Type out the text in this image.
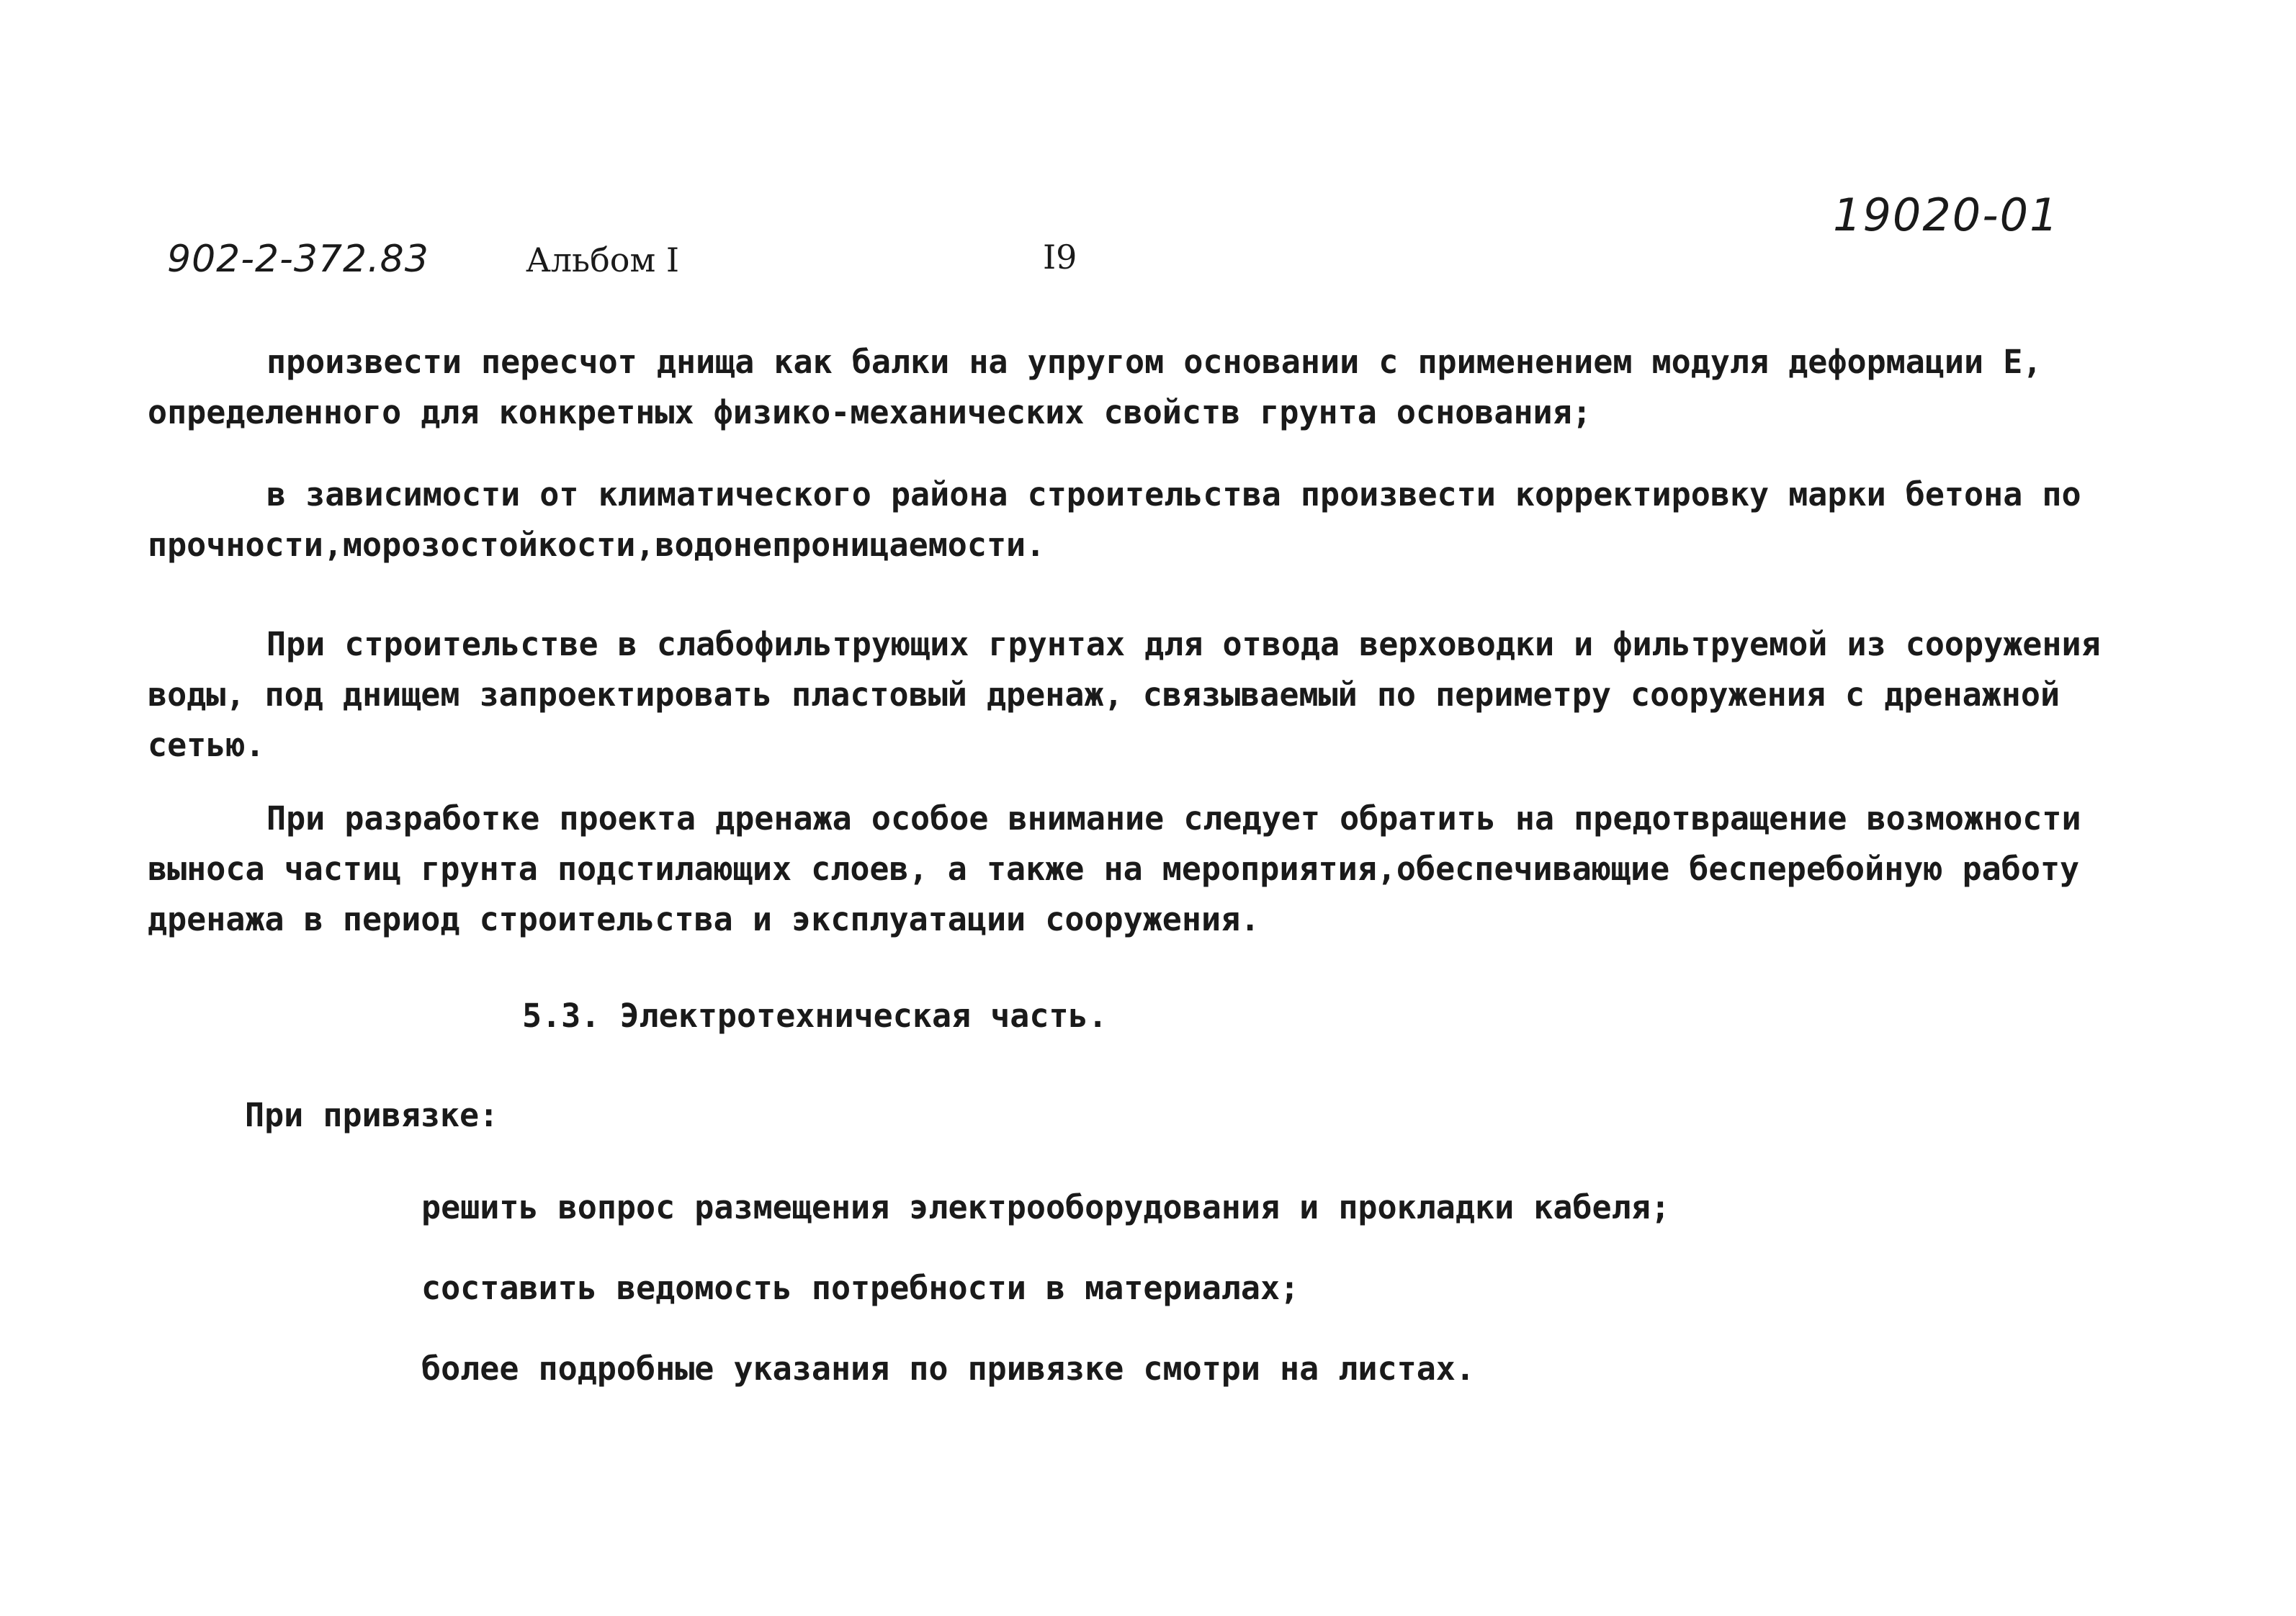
902-2-372.83	Альбом I	I9
19020-01

произвести пересчот днища как балки на упругом основании с применением модуля деформации Е, определенного для конкретных физико-механических свойств грунта основания;

в зависимости от климатического района строительства произвести корректировку марки бетона по прочности,морозостойкости,водонепроницаемости.

При строительстве в слабофильтрующих грунтах для отвода верховодки и фильтруемой из сооружения воды, под днищем запроектировать пластовый дренаж, связываемый по периметру сооружения с дренажной сетью.

При разработке проекта дренажа особое внимание следует обратить на предотвращение возможности выноса частиц грунта подстилающих слоев, а также на мероприятия,обеспечивающие бесперебойную работу дренажа в период строительства и эксплуатации сооружения.

5.3. Электротехническая часть.
При привязке:
решить вопрос размещения электрооборудования и прокладки кабеля;
составить ведомость потребности в материалах;
более подробные указания по привязке смотри на листах.
